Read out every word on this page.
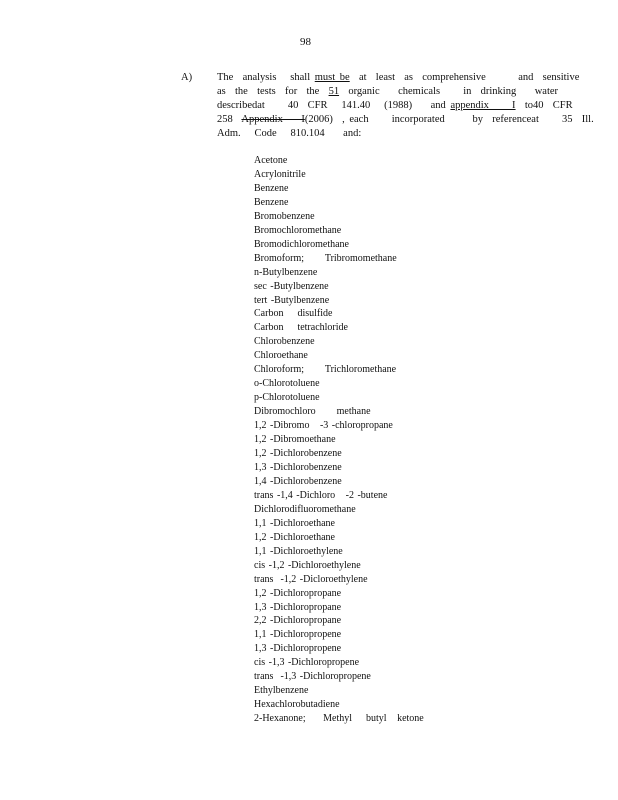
98
A) The  analysis   shall must be  at  least  as  comprehensive       and  sensitive
as  the  tests  for  the  51  organic    chemicals     in  drinking    water
describedat     40  CFR   141.40   (1988)    and appendix     I  to40  CFR
258  Appendix    I(2006)  , each     incorporated      by  referenceat     35  Ill.
Adm.   Code   810.104    and:
Acetone
Acrylonitrile
Benzene
Benzene
Bromobenzene
Bromochloromethane
Bromodichloromethane
Bromoform;      Tribromomethane
n-Butylbenzene
sec -Butylbenzene
tert -Butylbenzene
Carbon    disulfide
Carbon    tetrachloride
Chlorobenzene
Chloroethane
Chloroform;      Trichloromethane
o-Chlorotoluene
p-Chlorotoluene
Dibromochloro      methane
1,2 -Dibromo   -3 -chloropropane
1,2 -Dibromoethane
1,2 -Dichlorobenzene
1,3 -Dichlorobenzene
1,4 -Dichlorobenzene
trans -1,4 -Dichloro   -2 -butene
Dichlorodifluoromethane
1,1 -Dichloroethane
1,2 -Dichloroethane
1,1 -Dichloroethylene
cis -1,2 -Dichloroethylene
trans  -1,2 -Dicloroethylene
1,2 -Dichloropropane
1,3 -Dichloropropane
2,2 -Dichloropropane
1,1 -Dichloropropene
1,3 -Dichloropropene
cis -1,3 -Dichloropropene
trans  -1,3 -Dichloropropene
Ethylbenzene
Hexachlorobutadiene
2-Hexanone;     Methyl    butyl   ketone
